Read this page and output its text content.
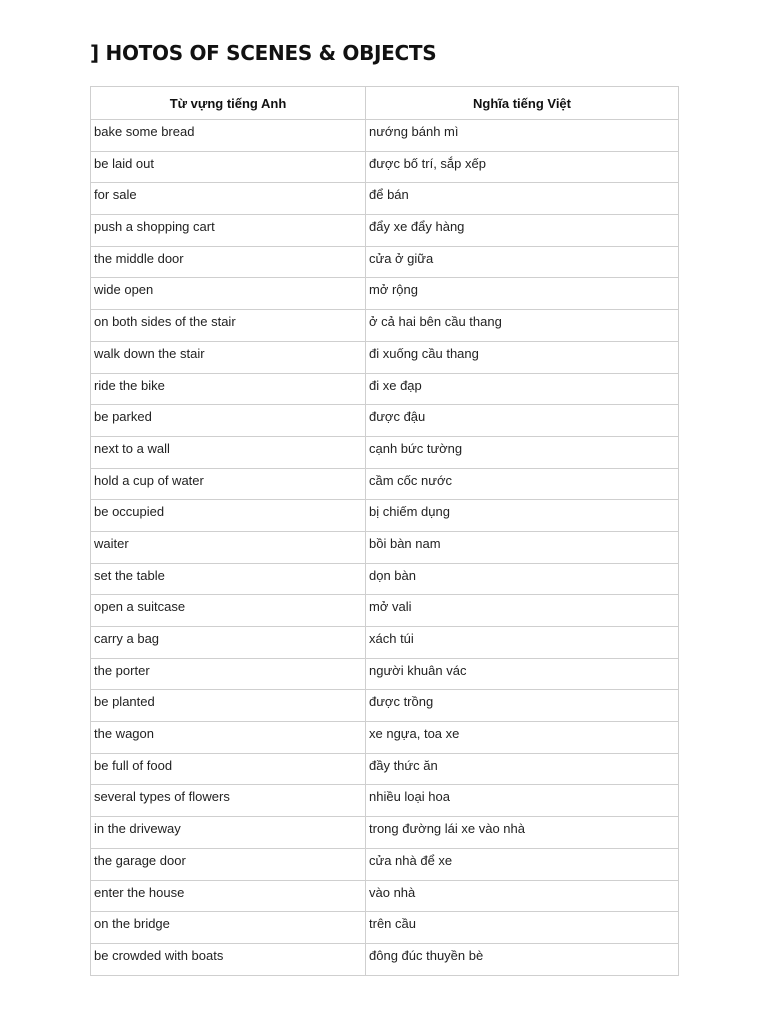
] HOTOS OF SCENES & OBJECTS
Từ vựng tiếng Anh	Nghĩa tiếng Việt
bake some bread	nướng bánh mì
be laid out	được bố trí, sắp xếp
for sale	để bán
push a shopping cart	đẩy xe đẩy hàng
the middle door	cửa ở giữa
wide open	mở rộng
on both sides of the stair	ở cả hai bên cầu thang
walk down the stair	đi xuống cầu thang
ride the bike	đi xe đạp
be parked	được đậu
next to a wall	cạnh bức tường
hold a cup of water	cầm cốc nước
be occupied	bị chiếm dụng
waiter	bồi bàn nam
set the table	dọn bàn
open a suitcase	mở vali
carry a bag	xách túi
the porter	người khuân vác
be planted	được trồng
the wagon	xe ngựa, toa xe
be full of food	đầy thức ăn
several types of flowers	nhiều loại hoa
in the driveway	trong đường lái xe vào nhà
the garage door	cửa nhà để xe
enter the house	vào nhà
on the bridge	trên cầu
be crowded with boats	đông đúc thuyền bè
